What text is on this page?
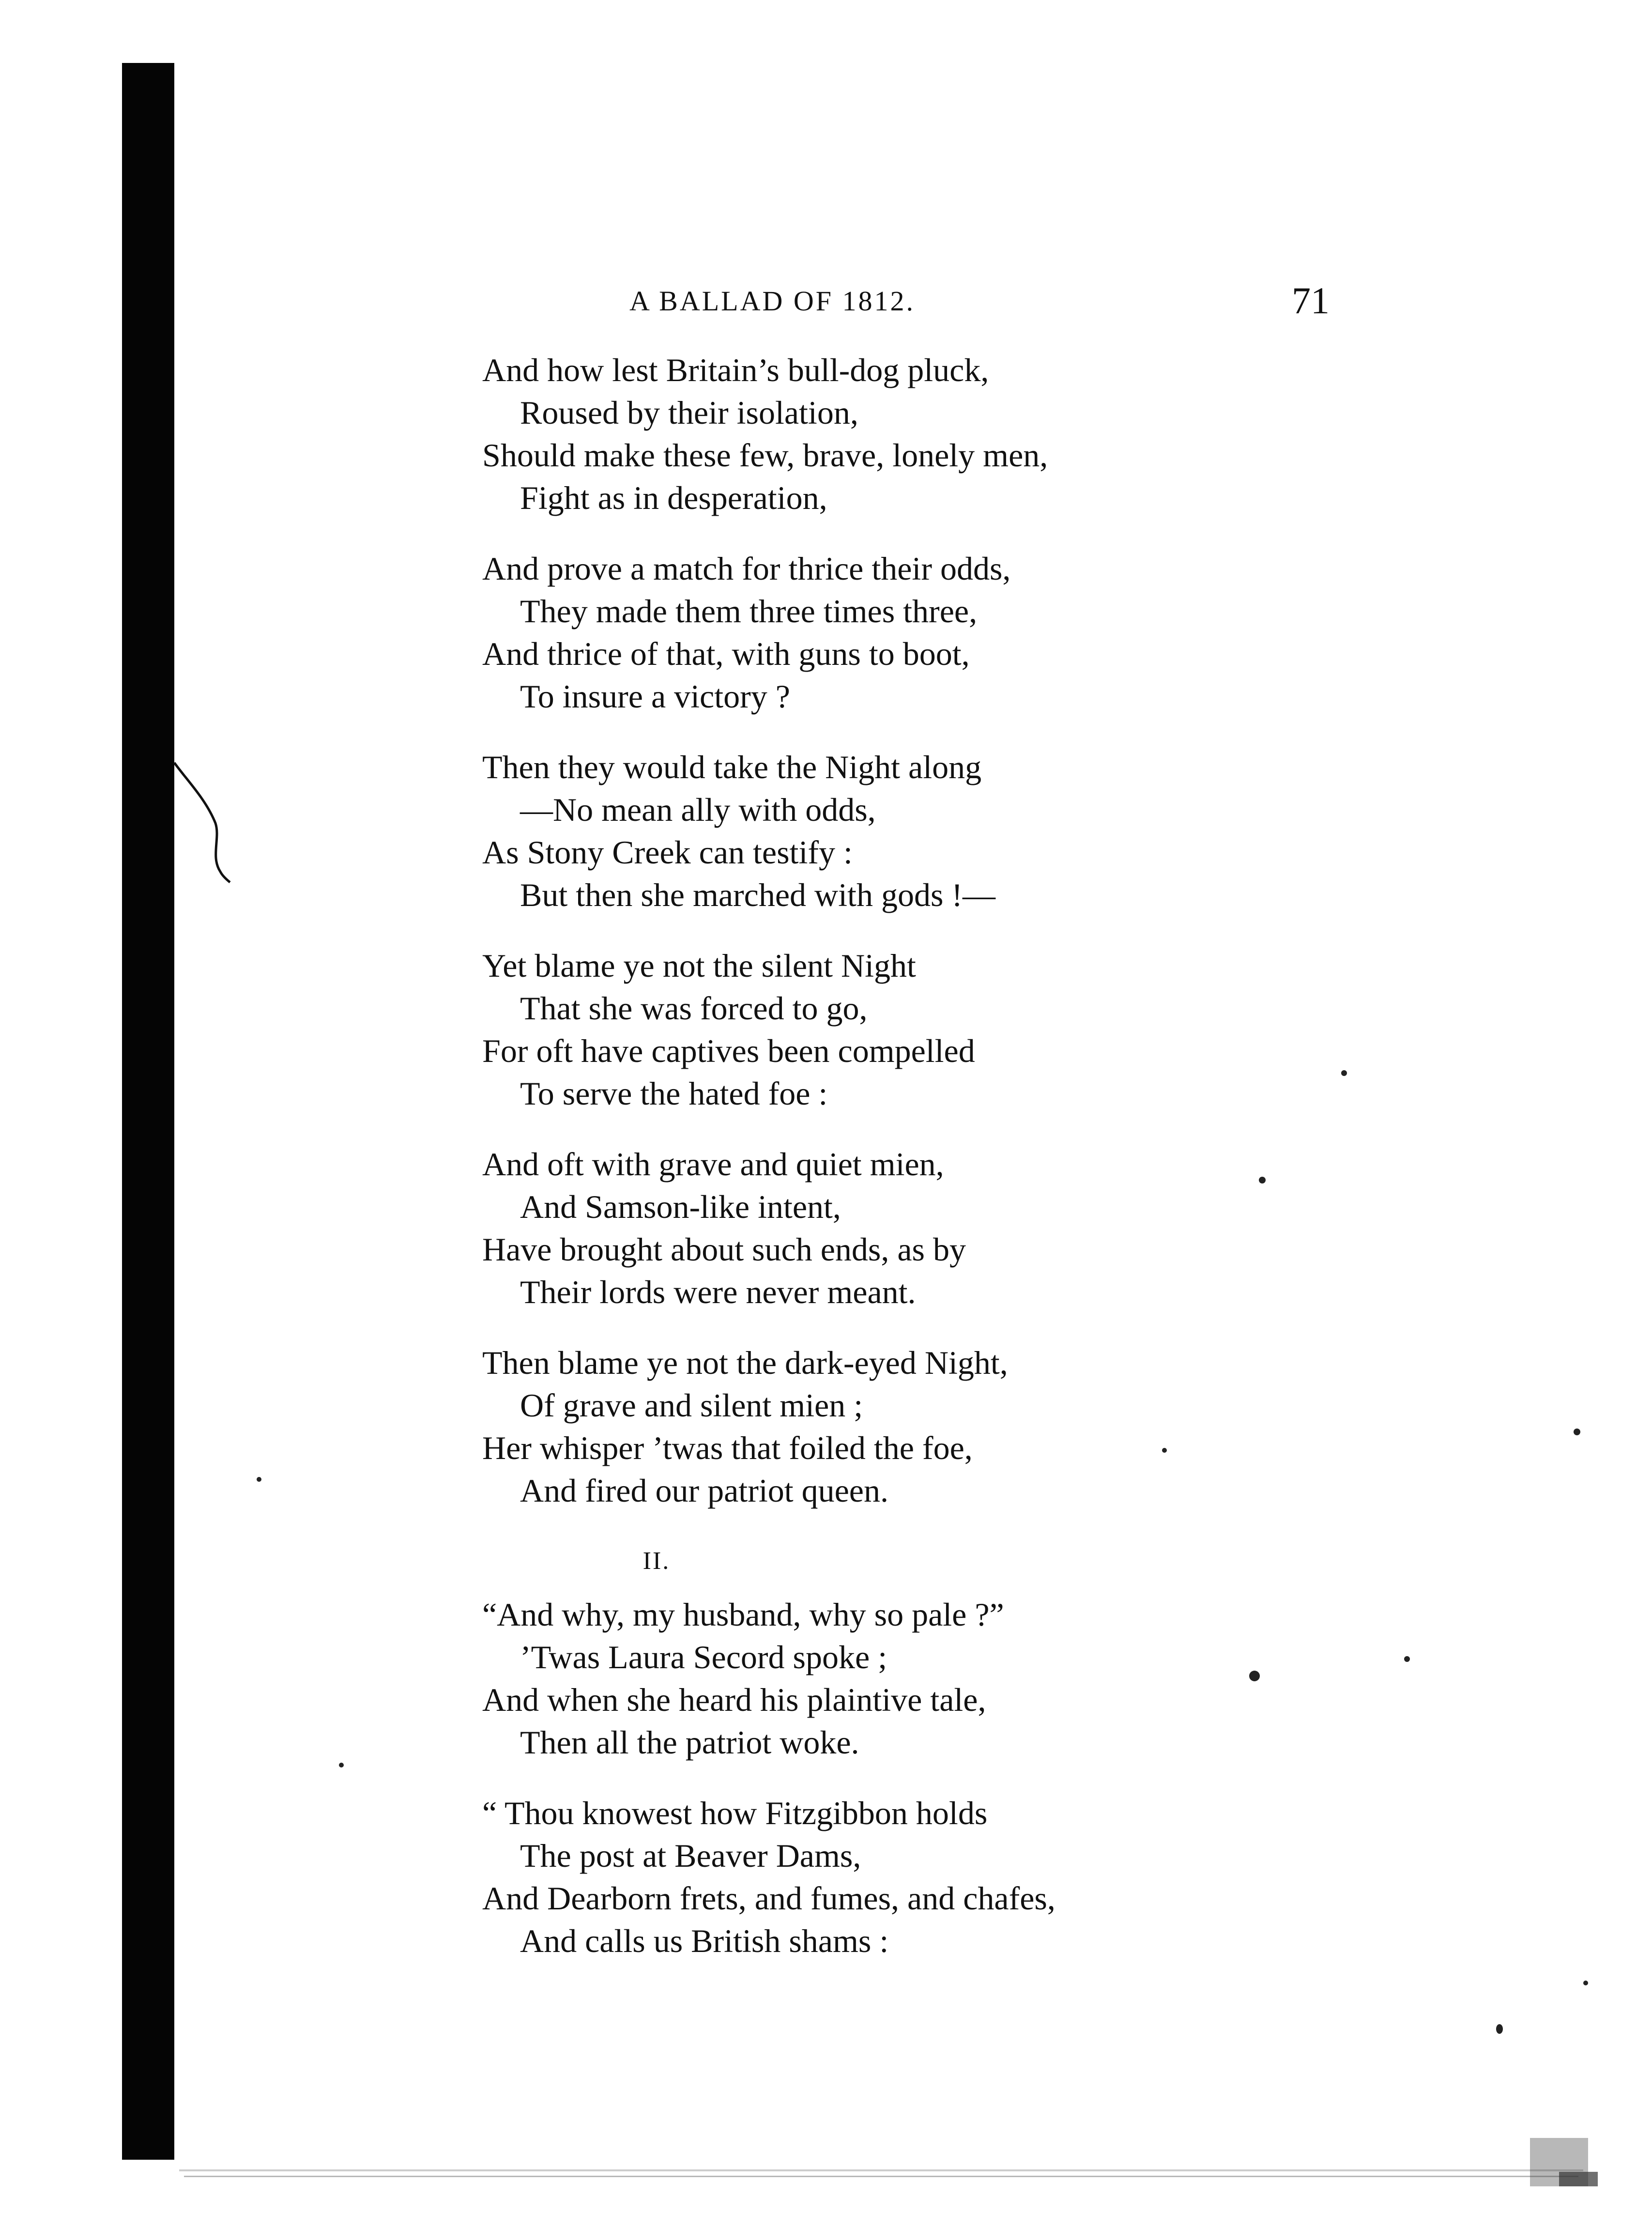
A BALLAD OF 1812.	71
And how lest Britain’s bull-dog pluck,
Roused by their isolation,
Should make these few, brave, lonely men,
Fight as in desperation,
And prove a match for thrice their odds,
They made them three times three,
And thrice of that, with guns to boot,
To insure a victory ?
Then they would take the Night along
—No mean ally with odds,
As Stony Creek can testify :
But then she marched with gods !—
Yet blame ye not the silent Night
That she was forced to go,
For oft have captives been compelled
To serve the hated foe :
And oft with grave and quiet mien,
And Samson-like intent,
Have brought about such ends, as by
Their lords were never meant.
Then blame ye not the dark-eyed Night,
Of grave and silent mien ;
Her whisper ’twas that foiled the foe,
And fired our patriot queen.
II.
“And why, my husband, why so pale ?”
’Twas Laura Secord spoke ;
And when she heard his plaintive tale,
Then all the patriot woke.
“ Thou knowest how Fitzgibbon holds
The post at Beaver Dams,
And Dearborn frets, and fumes, and chafes,
And calls us British shams :
